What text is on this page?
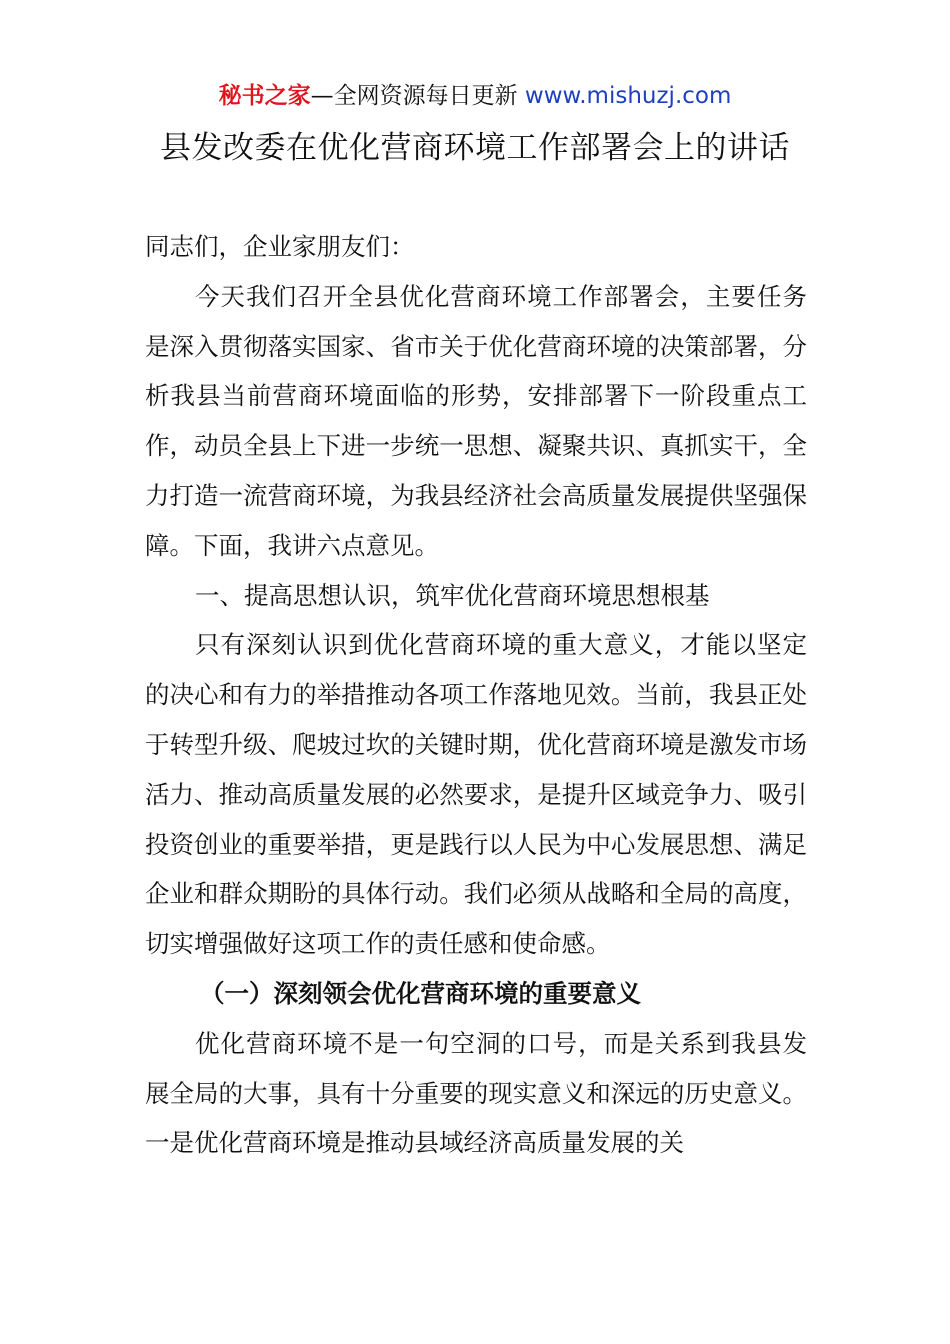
秘书之家—全网资源每日更新 www.mishuzj.com
县发改委在优化营商环境工作部署会上的讲话

同志们，企业家朋友们：

今天我们召开全县优化营商环境工作部署会，主要任务是深入贯彻落实国家、省市关于优化营商环境的决策部署，分析我县当前营商环境面临的形势，安排部署下一阶段重点工作，动员全县上下进一步统一思想、凝聚共识、真抓实干，全力打造一流营商环境，为我县经济社会高质量发展提供坚强保障。下面，我讲六点意见。

一、提高思想认识，筑牢优化营商环境思想根基

只有深刻认识到优化营商环境的重大意义，才能以坚定的决心和有力的举措推动各项工作落地见效。当前，我县正处于转型升级、爬坡过坎的关键时期，优化营商环境是激发市场活力、推动高质量发展的必然要求，是提升区域竞争力、吸引投资创业的重要举措，更是践行以人民为中心发展思想、满足企业和群众期盼的具体行动。我们必须从战略和全局的高度，切实增强做好这项工作的责任感和使命感。

（一）深刻领会优化营商环境的重要意义

优化营商环境不是一句空洞的口号，而是关系到我县发展全局的大事，具有十分重要的现实意义和深远的历史意义。一是优化营商环境是推动县域经济高质量发展的关
